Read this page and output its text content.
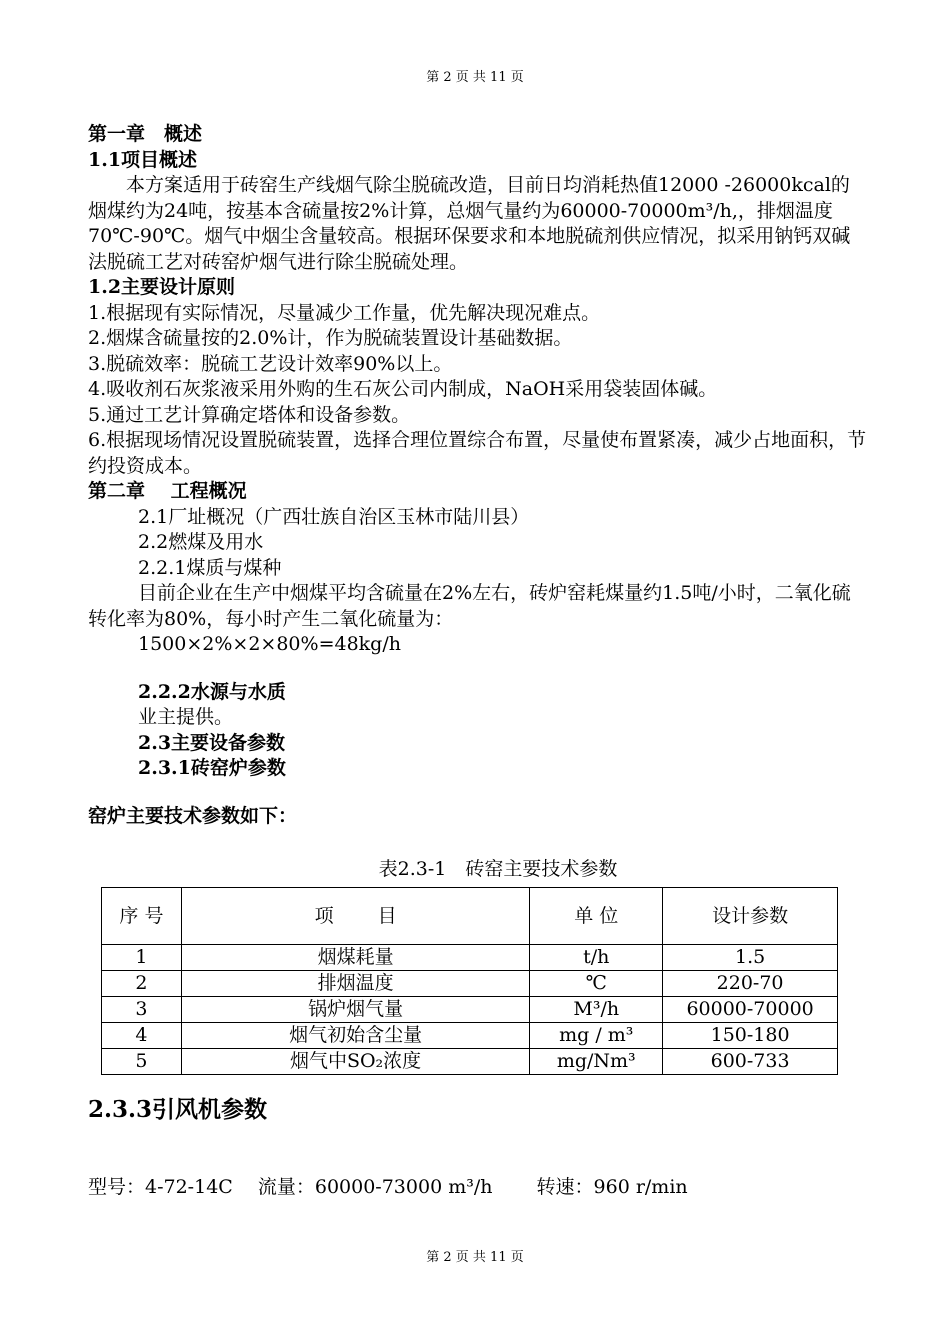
第 2 页 共 11 页
第一章　概述
1.1项目概述
本方案适用于砖窑生产线烟气除尘脱硫改造，目前日均消耗热值12000 -26000kcal的烟煤约为24吨，按基本含硫量按2%计算，总烟气量约为60000-70000m³/h,，排烟温度70℃-90℃。烟气中烟尘含量较高。根据环保要求和本地脱硫剂供应情况，拟采用钠钙双碱法脱硫工艺对砖窑炉烟气进行除尘脱硫处理。
1.2主要设计原则
1.根据现有实际情况，尽量减少工作量，优先解决现况难点。
2.烟煤含硫量按的2.0%计，作为脱硫装置设计基础数据。
3.脱硫效率：脱硫工艺设计效率90%以上。
4.吸收剂石灰浆液采用外购的生石灰公司内制成，NaOH采用袋装固体碱。
5.通过工艺计算确定塔体和设备参数。
6.根据现场情况设置脱硫装置，选择合理位置综合布置，尽量使布置紧凑，减少占地面积，节约投资成本。
第二章　 工程概况
2.1厂址概况（广西壮族自治区玉林市陆川县）
2.2燃煤及用水
2.2.1煤质与煤种
目前企业在生产中烟煤平均含硫量在2%左右，砖炉窑耗煤量约1.5吨/小时，二氧化硫转化率为80%，每小时产生二氧化硫量为：
1500×2%×2×80%=48kg/h
2.2.2水源与水质
业主提供。
2.3主要设备参数
2.3.1砖窑炉参数
窑炉主要技术参数如下：
表2.3-1　砖窑主要技术参数
序 号	项　　 目	单 位	设计参数
1	烟煤耗量	t/h	1.5
2	排烟温度	℃	220-70
3	锅炉烟气量	M³/h	60000-70000
4	烟气初始含尘量	mg / m³	150-180
5	烟气中SO₂浓度	mg/Nm³	600-733
2.3.3引风机参数
型号：4-72-14C　 流量：60000-73000 m³/h　　 转速：960 r/min
第 2 页 共 11 页
